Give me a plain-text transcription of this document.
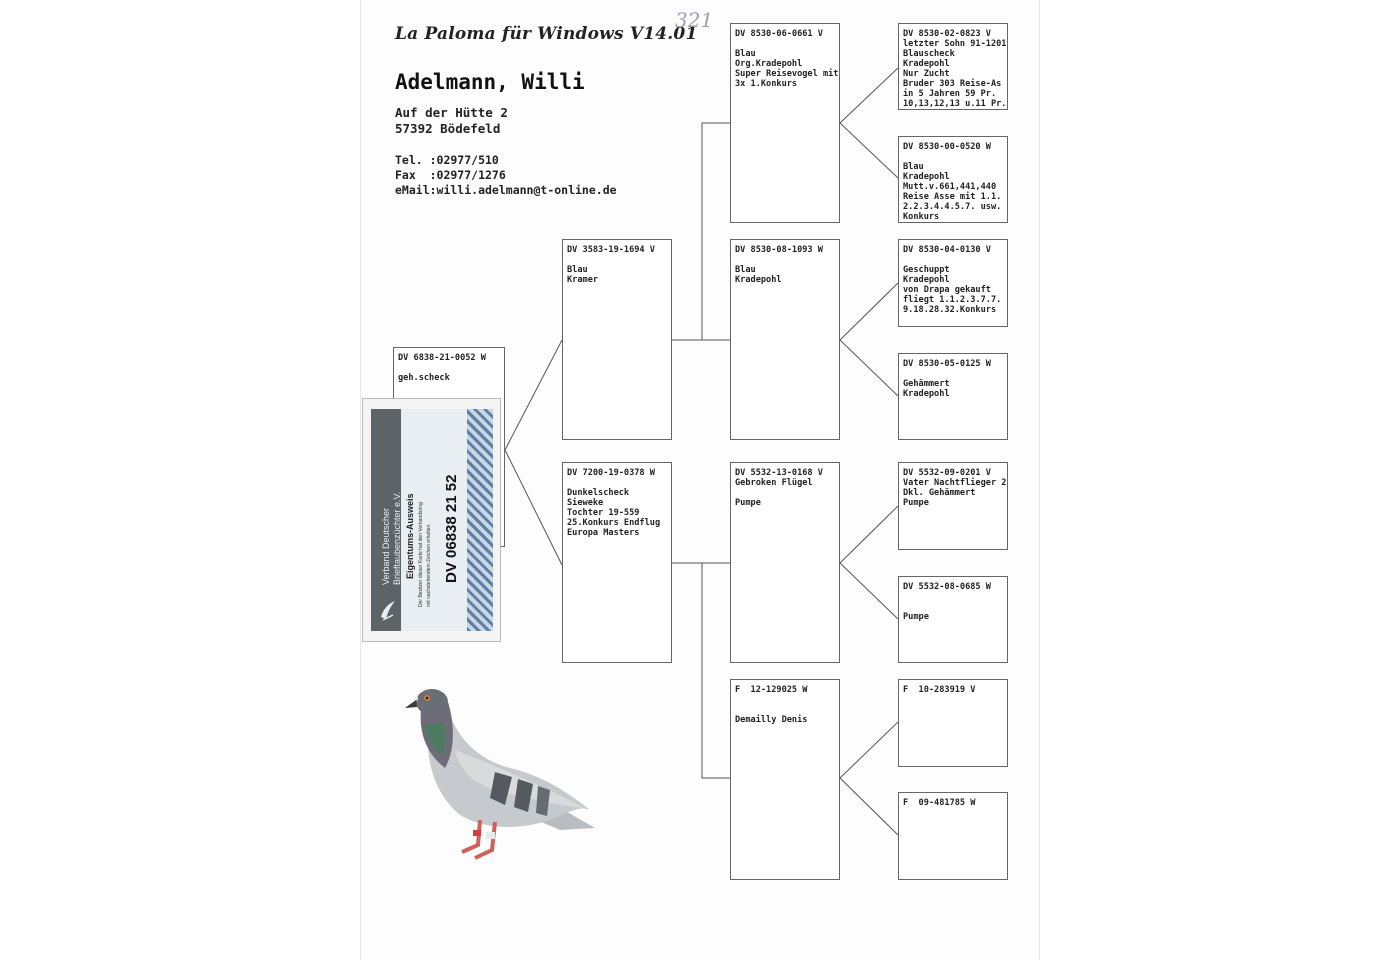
La Paloma für Windows V14.01
321
Adelmann, Willi
Auf der Hütte 2
57392 Bödefeld
Tel. :02977/510
Fax  :02977/1276
eMail:willi.adelmann@t-online.de
DV 6838-21-0052 W

geh.scheck
DV 3583-19-1694 V

Blau
Kramer
DV 7200-19-0378 W

Dunkelscheck
Sieweke
Tochter 19-559
25.Konkurs Endflug
Europa Masters
DV 8530-06-0661 V

Blau
Org.Kradepohl
Super Reisevogel mit
3x 1.Konkurs
DV 8530-08-1093 W

Blau
Kradepohl
DV 5532-13-0168 V
Gebroken Flügel

Pumpe
F  12-129025 W

Demailly Denis
DV 8530-02-0823 V
letzter Sohn 91-1201
Blauscheck
Kradepohl
Nur Zucht
Bruder 303 Reise-As
in 5 Jahren 59 Pr.
10,13,12,13 u.11 Pr.
DV 8530-00-0520 W

Blau
Kradepohl
Mutt.v.661,441,440
Reise Asse mit 1.1.
2.2.3.4.4.5.7. usw.
Konkurs
DV 8530-04-0130 V

Geschuppt
Kradepohl
von Drapa gekauft
fliegt 1.1.2.3.7.7.
9.18.28.32.Konkurs
DV 8530-05-0125 W

Gehämmert
Kradepohl
DV 5532-09-0201 V
Vater Nachtflieger 2
Dkl. Gehämmert
Pumpe
DV 5532-08-0685 W

Pumpe
F  10-283919 V
F  09-481785 W
Verband Deutscher Brieftaubenzüchter e.V. Eigentums-Ausweis Der Besitzer dieser Karte hat den Verbandsring mit nachstehendem Zeichen erhalten. DV 06838 21 52
